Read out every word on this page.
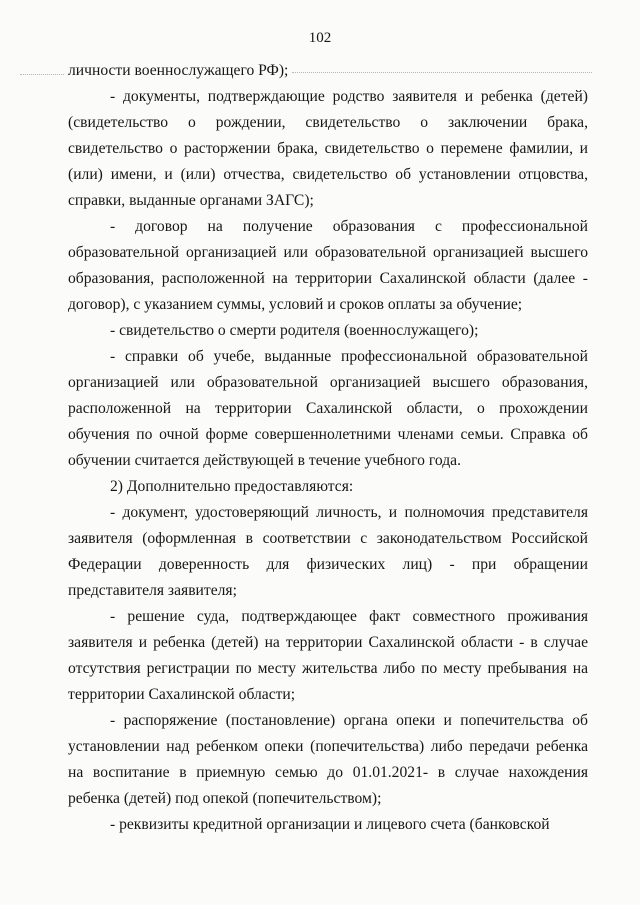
102

личности военнослужащего РФ);

- документы, подтверждающие родство заявителя и ребенка (детей) (свидетельство о рождении, свидетельство о заключении брака, свидетельство о расторжении брака, свидетельство о перемене фамилии, и (или) имени, и (или) отчества, свидетельство об установлении отцовства, справки, выданные органами ЗАГС);

- договор на получение образования с профессиональной образовательной организацией или образовательной организацией высшего образования, расположенной на территории Сахалинской области (далее - договор), с указанием суммы, условий и сроков оплаты за обучение;

- свидетельство о смерти родителя (военнослужащего);

- справки об учебе, выданные профессиональной образовательной организацией или образовательной организацией высшего образования, расположенной на территории Сахалинской области, о прохождении обучения по очной форме совершеннолетними членами семьи. Справка об обучении считается действующей в течение учебного года.

2) Дополнительно предоставляются:

- документ, удостоверяющий личность, и полномочия представителя заявителя (оформленная в соответствии с законодательством Российской Федерации доверенность для физических лиц) - при обращении представителя заявителя;

- решение суда, подтверждающее факт совместного проживания заявителя и ребенка (детей) на территории Сахалинской области - в случае отсутствия регистрации по месту жительства либо по месту пребывания на территории Сахалинской области;

- распоряжение (постановление) органа опеки и попечительства об установлении над ребенком опеки (попечительства) либо передачи ребенка на воспитание в приемную семью до 01.01.2021- в случае нахождения ребенка (детей) под опекой (попечительством);

- реквизиты кредитной организации и лицевого счета (банковской
